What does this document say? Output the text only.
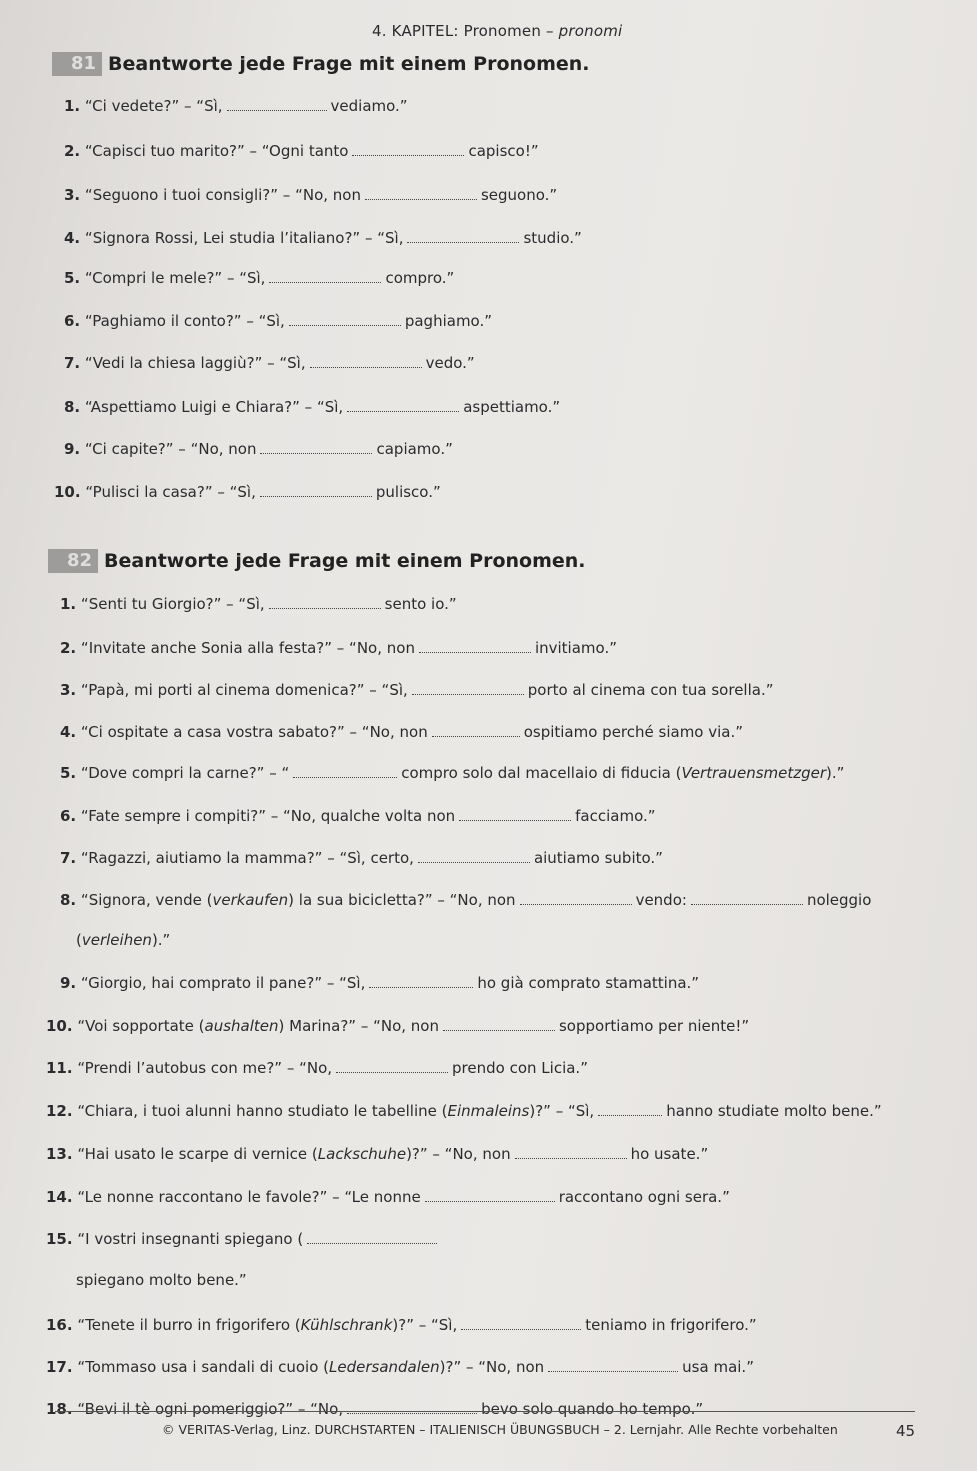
4. KAPITEL: Pronomen – pronomi
81 Beantworte jede Frage mit einem Pronomen.
1. “Ci vedete?” – “Sì,	vediamo.”
2. “Capisci tuo marito?” – “Ogni tanto	capisco!”
3. “Seguono i tuoi consigli?” – “No, non	seguono.”
4. “Signora Rossi, Lei studia l’italiano?” – “Sì,	studio.”
5. “Compri le mele?” – “Sì,	compro.”
6. “Paghiamo il conto?” – “Sì,	paghiamo.”
7. “Vedi la chiesa laggiù?” – “Sì,	vedo.”
8. “Aspettiamo Luigi e Chiara?” – “Sì,	aspettiamo.”
9. “Ci capite?” – “No, non	capiamo.”
10. “Pulisci la casa?” – “Sì,	pulisco.”
82 Beantworte jede Frage mit einem Pronomen.
1. “Senti tu Giorgio?” – “Sì,	sento io.”
2. “Invitate anche Sonia alla festa?” – “No, non	invitiamo.”
3. “Papà, mi porti al cinema domenica?” – “Sì,	porto al cinema con tua sorella.”
4. “Ci ospitate a casa vostra sabato?” – “No, non	ospitiamo perché siamo via.”
5. “Dove compri la carne?” – “	compro solo dal macellaio di fiducia (Vertrauensmetzger).”
6. “Fate sempre i compiti?” – “No, qualche volta non	facciamo.”
7. “Ragazzi, aiutiamo la mamma?” – “Sì, certo,	aiutiamo subito.”
8. “Signora, vende (verkaufen) la sua bicicletta?” – “No, non	vendo:	noleggio
(verleihen).”
9. “Giorgio, hai comprato il pane?” – “Sì,	ho già comprato stamattina.”
10. “Voi sopportate (aushalten) Marina?” – “No, non	sopportiamo per niente!”
11. “Prendi l’autobus con me?” – “No,	prendo con Licia.”
12. “Chiara, i tuoi alunni hanno studiato le tabelline (Einmaleins)?” – “Sì,	hanno studiate molto bene.”
13. “Hai usato le scarpe di vernice (Lackschuhe)?” – “No, non	ho usate.”
14. “Le nonne raccontano le favole?” – “Le nonne	raccontano ogni sera.”
15. “I vostri insegnanti spiegano (
spiegano molto bene.”
16. “Tenete il burro in frigorifero (Kühlschrank)?” – “Sì,	teniamo in frigorifero.”
17. “Tommaso usa i sandali di cuoio (Ledersandalen)?” – “No, non	usa mai.”
18. “Bevi il tè ogni pomeriggio?” – “No,	bevo solo quando ho tempo.”
© VERITAS-Verlag, Linz. DURCHSTARTEN – ITALIENISCH ÜBUNGSBUCH – 2. Lernjahr. Alle Rechte vorbehalten	45
